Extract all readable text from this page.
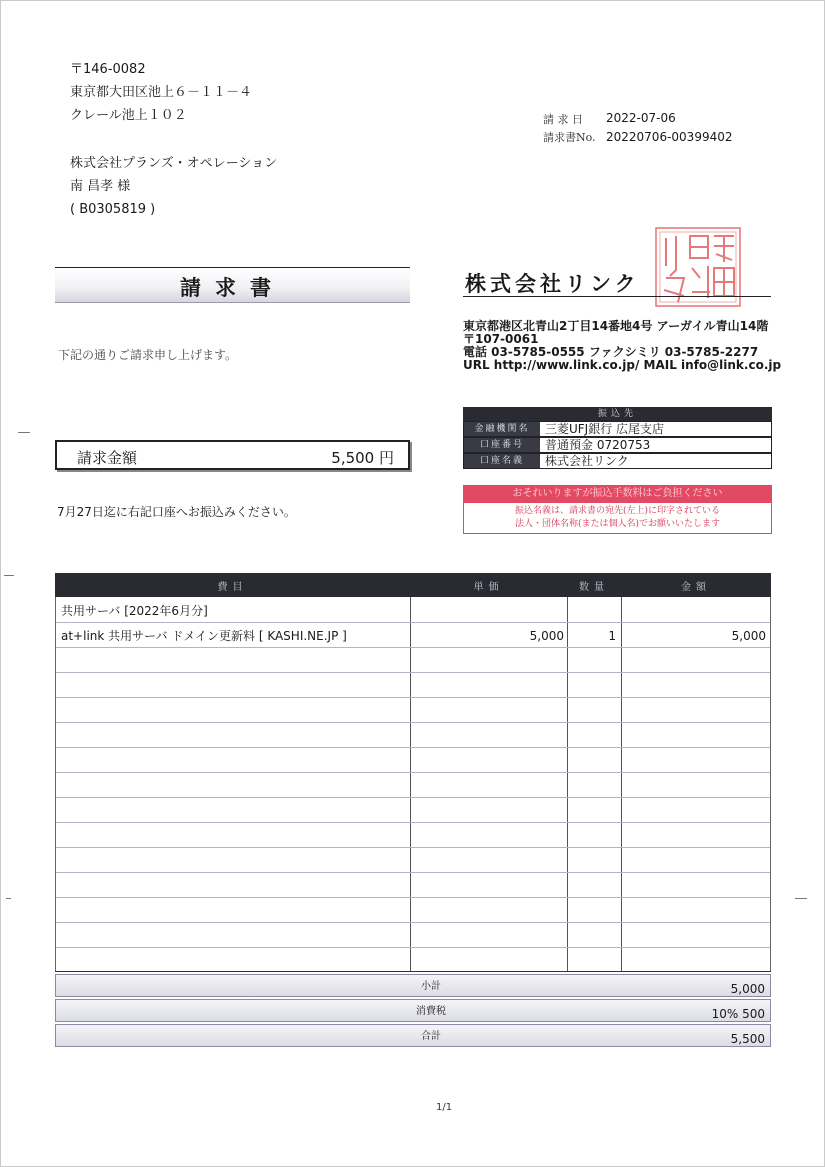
〒146-0082
東京都大田区池上６－１１－４
クレール池上１０２
株式会社プランズ・オペレーション
南 昌孝 様
( B0305819 )
請 求 日 2022-07-06
請求書No. 20220706-00399402
請求書	株式会社リンク
東京都港区北青山2丁目14番地4号 アーガイル青山14階
〒107-0061
電話 03-5785-0555 ファクシミリ 03-5785-2277
URL http://www.link.co.jp/ MAIL info@link.co.jp
下記の通りご請求申し上げます。
請求金額	5,500 円
7月27日迄に右記口座へお振込みください。
振込先
金融機関名	三菱UFJ銀行 広尾支店
口座番号	普通預金 0720753
口座名義	株式会社リンク
おそれいりますが振込手数料はご負担ください
振込名義は、請求書の宛先(左上)に印字されている
法人・団体名称(または個人名)でお願いいたします
費目	単価	数量	金額
共用サーバ [2022年6月分]
at+link 共用サーバ ドメイン更新料 [ KASHI.NE.JP ]	5,000	1	5,000
小計	5,000
消費税	10% 500
合計	5,500
1/1
